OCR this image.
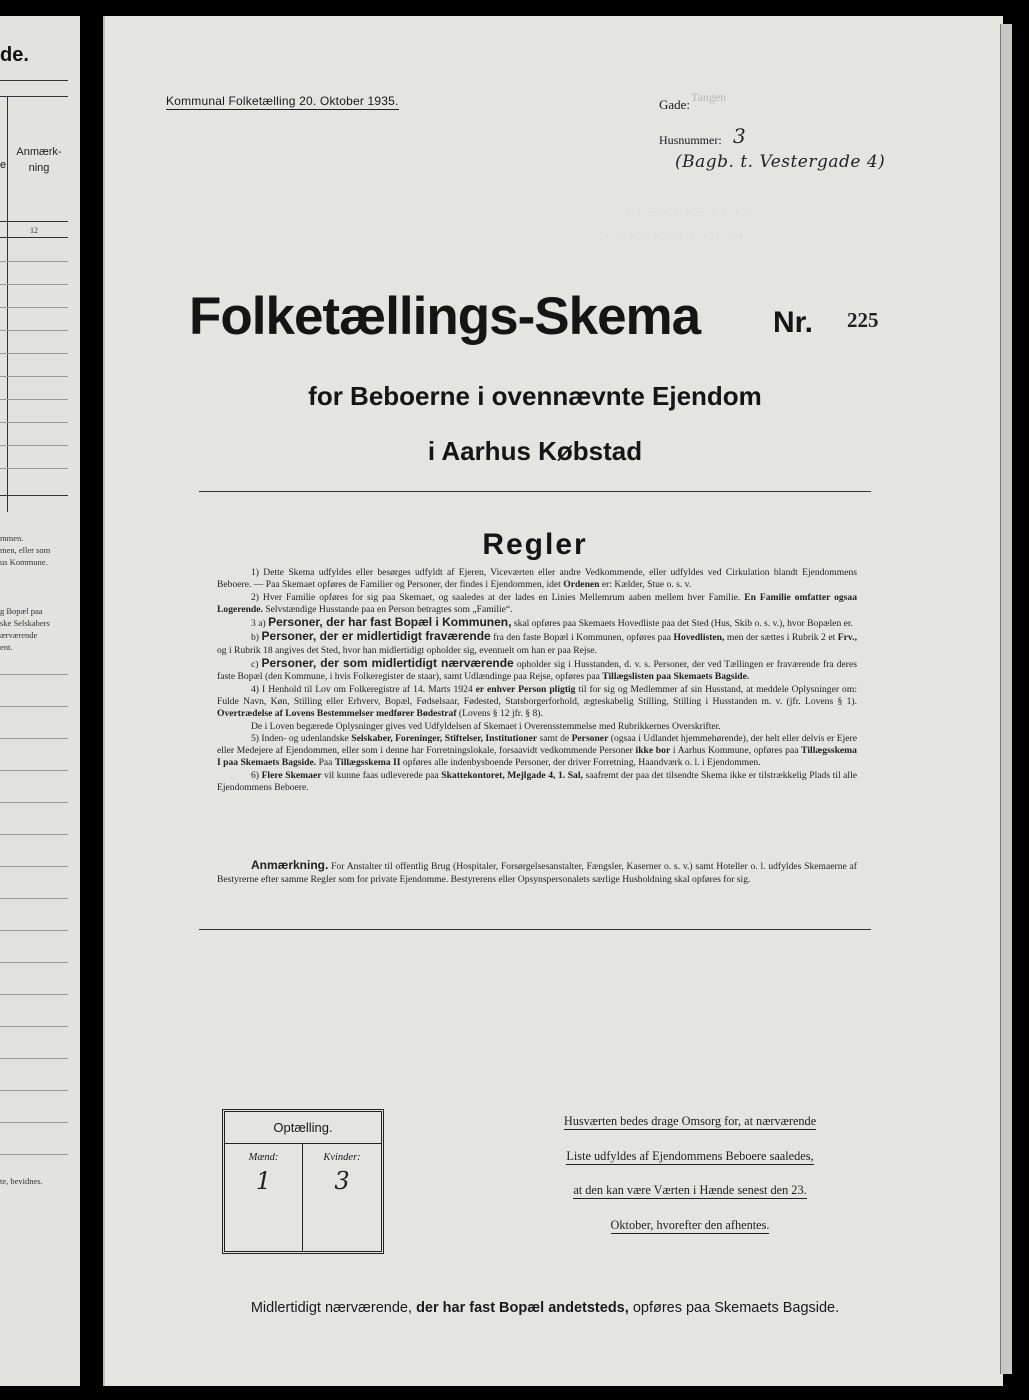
de.
e
Anmærk-
ning
12
mmen.
men, eller som
us Kommune.
g Bopæl paa
ske Selskabers
ærværende
ent.
te, bevidnes.
Kommunal Folketælling 20. Oktober 1935.	Gade: Tangen
Husnummer: 3
(Bagb. t. Vestergade 4)
· · · · · · · · · · ·
· · · · · · · · · · · ·
Folketællings-Skema Nr. 225
for Beboerne i ovennævnte Ejendom
i Aarhus Købstad
Regler

1) Dette Skema udfyldes eller besørges udfyldt af Ejeren, Viceværten eller andre Vedkommende, eller udfyldes ved Cirkulation blandt Ejendommens Beboere. — Paa Skemaet opføres de Familier og Personer, der findes i Ejendommen, idet Ordenen er: Kælder, Stue o. s. v.

2) Hver Familie opføres for sig paa Skemaet, og saaledes at der lades en Linies Mellemrum aaben mellem hver Familie. En Familie omfatter ogsaa Logerende. Selvstændige Husstande paa en Person betragtes som „Familie“.

3 a) Personer, der har fast Bopæl i Kommunen, skal opføres paa Skemaets Hovedliste paa det Sted (Hus, Skib o. s. v.), hvor Bopælen er.

b) Personer, der er midlertidigt fraværende fra den faste Bopæl i Kommunen, opføres paa Hovedlisten, men der sættes i Rubrik 2 et Frv., og i Rubrik 18 angives det Sted, hvor han midlertidigt opholder sig, eventuelt om han er paa Rejse.

c) Personer, der som midlertidigt nærværende opholder sig i Husstanden, d. v. s. Personer, der ved Tællingen er fraværende fra deres faste Bopæl (den Kommune, i hvis Folkeregister de staar), samt Udlændinge paa Rejse, opføres paa Tillægslisten paa Skemaets Bagside.

4) I Henhold til Lov om Folkeregistre af 14. Marts 1924 er enhver Person pligtig til for sig og Medlemmer af sin Husstand, at meddele Oplysninger om: Fulde Navn, Køn, Stilling eller Erhverv, Bopæl, Fødselsaar, Fødested, Statsborgerforhold, ægteskabelig Stilling, Stilling i Husstanden m. v. (jfr. Lovens § 1). Overtrædelse af Lovens Bestemmelser medfører Bødestraf (Lovens § 12 jfr. § 8).

De i Loven begærede Oplysninger gives ved Udfyldelsen af Skemaet i Overensstemmelse med Rubrikkernes Overskrifter.

5) Inden- og udenlandske Selskaber, Foreninger, Stiftelser, Institutioner samt de Personer (ogsaa i Udlandet hjemmehørende), der helt eller delvis er Ejere eller Medejere af Ejendommen, eller som i denne har Forretningslokale, forsaavidt vedkommende Personer ikke bor i Aarhus Kommune, opføres paa Tillægsskema I paa Skemaets Bagside. Paa Tillægsskema II opføres alle indenbysboende Personer, der driver Forretning, Haandværk o. l. i Ejendommen.

6) Flere Skemaer vil kunne faas udleverede paa Skattekontoret, Mejlgade 4, 1. Sal, saafremt der paa det tilsendte Skema ikke er tilstrækkelig Plads til alle Ejendommens Beboere.

Anmærkning. For Anstalter til offentlig Brug (Hospitaler, Forsørgelsesanstalter, Fængsler, Kaserner o. s. v.) samt Hoteller o. l. udfyldes Skemaerne af Bestyrerne efter samme Regler som for private Ejendomme. Bestyrerens eller Opsynspersonalets særlige Husholdning skal opføres for sig.

Optælling.
Mænd:
1
Kvinder:
3
Husværten bedes drage Omsorg for, at nærværende
Liste udfyldes af Ejendommens Beboere saaledes,
at den kan være Værten i Hænde senest den 23.
Oktober, hvorefter den afhentes.
Midlertidigt nærværende, der har fast Bopæl andetsteds, opføres paa Skemaets Bagside.
